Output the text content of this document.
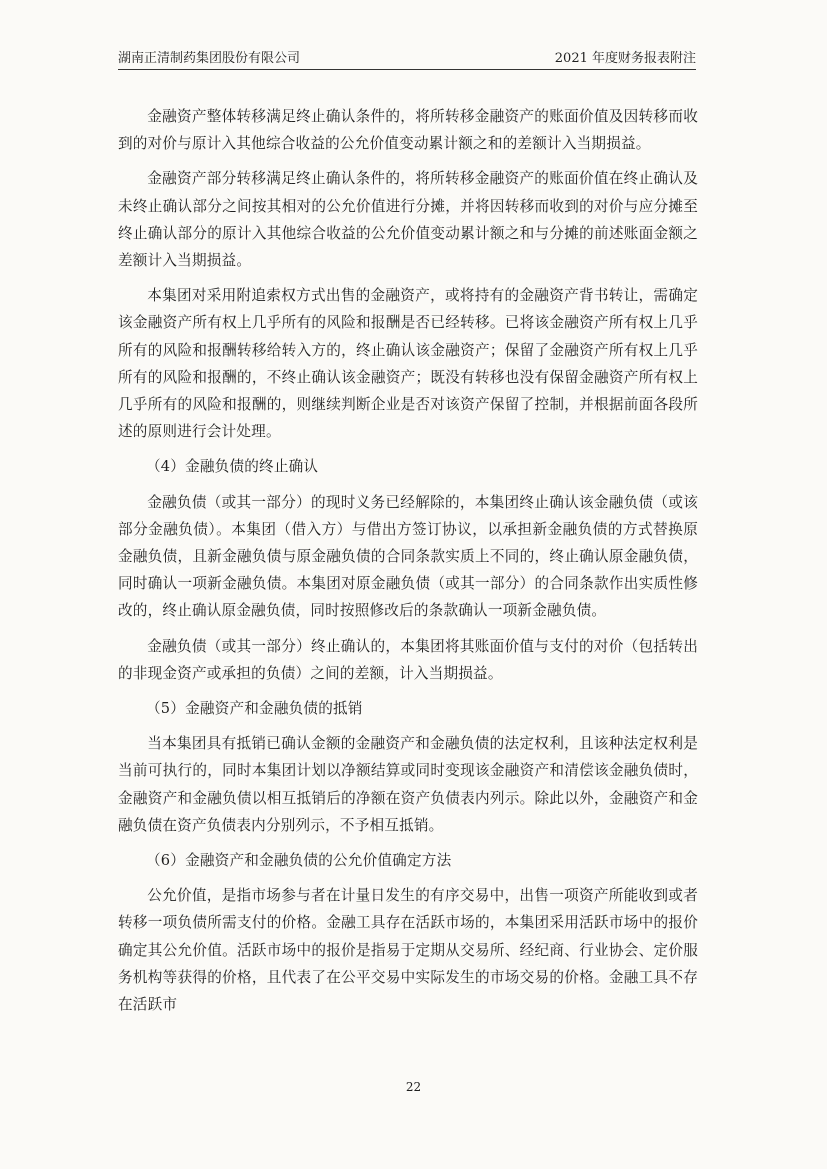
湖南正清制药集团股份有限公司	2021 年度财务报表附注

金融资产整体转移满足终止确认条件的，将所转移金融资产的账面价值及因转移而收到的对价与原计入其他综合收益的公允价值变动累计额之和的差额计入当期损益。

金融资产部分转移满足终止确认条件的，将所转移金融资产的账面价值在终止确认及未终止确认部分之间按其相对的公允价值进行分摊，并将因转移而收到的对价与应分摊至终止确认部分的原计入其他综合收益的公允价值变动累计额之和与分摊的前述账面金额之差额计入当期损益。

本集团对采用附追索权方式出售的金融资产，或将持有的金融资产背书转让，需确定该金融资产所有权上几乎所有的风险和报酬是否已经转移。已将该金融资产所有权上几乎所有的风险和报酬转移给转入方的，终止确认该金融资产；保留了金融资产所有权上几乎所有的风险和报酬的，不终止确认该金融资产；既没有转移也没有保留金融资产所有权上几乎所有的风险和报酬的，则继续判断企业是否对该资产保留了控制，并根据前面各段所述的原则进行会计处理。

（4）金融负债的终止确认

金融负债（或其一部分）的现时义务已经解除的，本集团终止确认该金融负债（或该部分金融负债）。本集团（借入方）与借出方签订协议，以承担新金融负债的方式替换原金融负债，且新金融负债与原金融负债的合同条款实质上不同的，终止确认原金融负债，同时确认一项新金融负债。本集团对原金融负债（或其一部分）的合同条款作出实质性修改的，终止确认原金融负债，同时按照修改后的条款确认一项新金融负债。

金融负债（或其一部分）终止确认的，本集团将其账面价值与支付的对价（包括转出的非现金资产或承担的负债）之间的差额，计入当期损益。

（5）金融资产和金融负债的抵销

当本集团具有抵销已确认金额的金融资产和金融负债的法定权利，且该种法定权利是当前可执行的，同时本集团计划以净额结算或同时变现该金融资产和清偿该金融负债时，金融资产和金融负债以相互抵销后的净额在资产负债表内列示。除此以外，金融资产和金融负债在资产负债表内分别列示，不予相互抵销。

（6）金融资产和金融负债的公允价值确定方法

公允价值，是指市场参与者在计量日发生的有序交易中，出售一项资产所能收到或者转移一项负债所需支付的价格。金融工具存在活跃市场的，本集团采用活跃市场中的报价确定其公允价值。活跃市场中的报价是指易于定期从交易所、经纪商、行业协会、定价服务机构等获得的价格，且代表了在公平交易中实际发生的市场交易的价格。金融工具不存在活跃市

22
